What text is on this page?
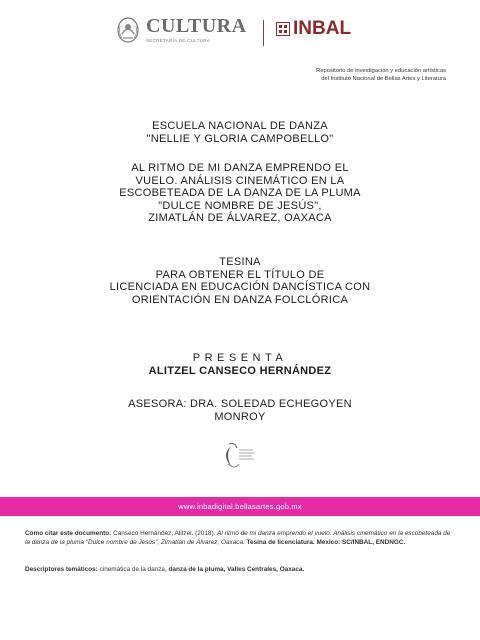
CULTURA
SECRETARÍA DE CULTURA
INBAL
Repositorio de investigación y educación artísticas
del Instituto Nacional de Bellas Artes y Literatura
ESCUELA NACIONAL DE DANZA
"NELLIE Y GLORIA CAMPOBELLO"
AL RITMO DE MI DANZA EMPRENDO EL
VUELO. ANÁLISIS CINEMÁTICO EN LA
ESCOBETEADA DE LA DANZA DE LA PLUMA
"DULCE NOMBRE DE JESÚS",
ZIMATLÁN DE ÁLVAREZ, OAXACA
TESINA
PARA OBTENER EL TÍTULO DE
LICENCIADA EN EDUCACIÓN DANCÍSTICA CON
ORIENTACIÓN EN DANZA FOLCLÓRICA
PRESENTA
ALITZEL CANSECO HERNÁNDEZ
ASESORA: DRA. SOLEDAD ECHEGOYEN
MONROY
www.inbadigital.bellasartes.gob.mx
Cómo citar este documento: Canseco Hernández, Alitzel. (2018). Al ritmo de mi danza emprendo el vuelo. Análisis cinemático en la escobeteada de la danza de la pluma "Dulce nombre de Jesús", Zimatlán de Álvarez, Oaxaca. Tesina de licenciatura. México: SC/INBAL, ENDNGC.
Descriptores temáticos: cinemática de la danza, danza de la pluma, Valles Centrales, Oaxaca.
